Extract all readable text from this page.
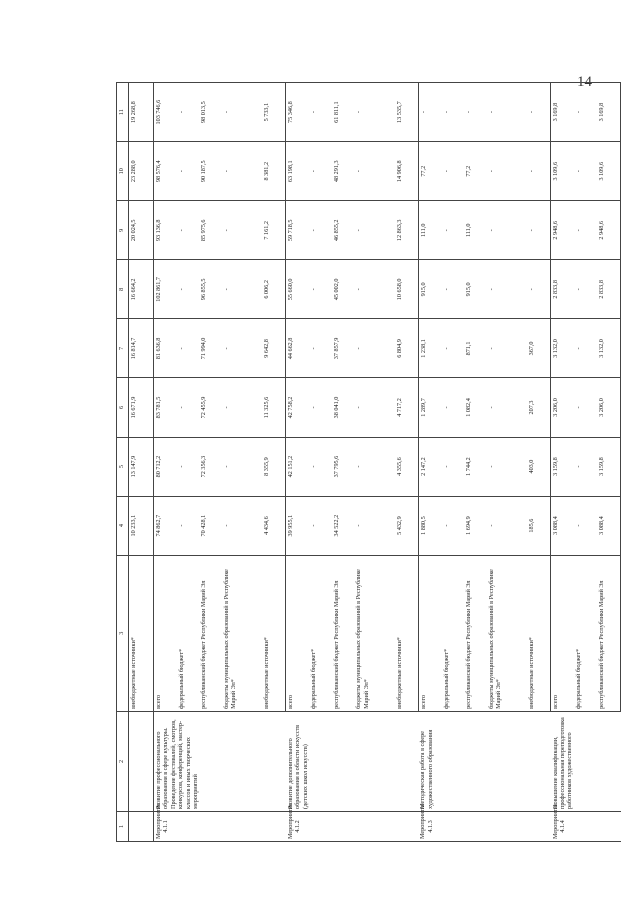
14
1	2	3	4	5	6	7	8	9	10	11
		внебюджетные источники*	10 233,1	13 147,9	16 671,9	16 814,7	16 664,2	20 024,5	23 288,0	19 268,8
Мероприятие 4.1.1	Развитие профессионального образования в сфере культуры. Проведение фестивалей, смотров, конкурсов, конференций, мастер-классов и иных творческих мероприятий	всего	74 862,7	80 712,2	83 781,5	81 636,8	102 861,7	93 136,8	98 576,4	103 746,6
		федеральный бюджет*	-	-	-	-	-	-	-	-
		республиканский бюджет Республики Марий Эл	70 428,1	72 356,3	72 455,9	71 994,0	96 855,5	85 975,6	90 187,5	98 013,5
		бюджеты муниципальных образований в Республике Марий Эл*	-	-	-	-	-	-	-	-
		внебюджетные источники*	4 434,6	8 355,9	11 325,6	9 642,8	6 006,2	7 161,2	8 381,2	5 733,1
Мероприятие 4.1.2	Развитие дополнительного образования в области искусств (детских школ искусств)	всего	39 955,1	42 151,2	42 758,2	44 662,8	55 660,0	59 718,5	63 198,1	75 346,8
		федеральный бюджет*	-	-	-	-	-	-	-	-
		республиканский бюджет Республики Марий Эл	34 522,2	37 795,6	38 041,0	37 857,9	45 002,0	46 855,2	48 291,3	61 811,1
		бюджеты муниципальных образований в Республике Марий Эл*	-	-	-	-	-	-	-	-
		внебюджетные источники*	5 432,9	4 355,6	4 717,2	6 804,9	10 658,0	12 863,3	14 906,8	13 535,7
Мероприятие 4.1.3	Методическая работа в сфере художественного образования	всего	1 880,5	2 147,2	1 289,7	1 238,1	915,0	111,0	77,2	-
		федеральный бюджет*	-	-	-	-	-	-	-	-
		республиканский бюджет Республики Марий Эл	1 694,9	1 744,2	1 082,4	871,1	915,0	111,0	77,2	-
		бюджеты муниципальных образований в Республике Марий Эл*	-	-	-	-	-	-	-	-
		внебюджетные источники*	185,6	403,0	207,3	367,0	-	-	-	-
Мероприятие 4.1.4	Повышение квалификации, профессиональная переподготовка работников художественного	всего	3 088,4	3 159,8	3 206,0	3 132,0	2 833,8	2 948,6	3 109,6	3 169,8
		федеральный бюджет*	-	-	-	-	-	-	-	-
		республиканский бюджет Республики Марий Эл	3 088,4	3 159,8	3 206,0	3 132,0	2 833,8	2 948,6	3 109,6	3 169,8
